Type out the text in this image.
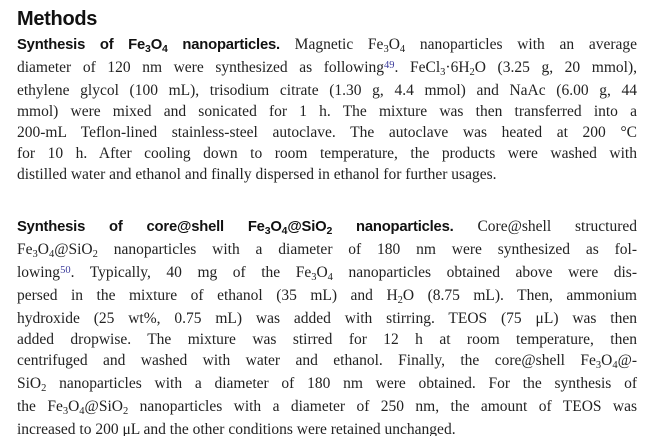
Methods
Synthesis of Fe3O4 nanoparticles. Magnetic Fe3O4 nanoparticles with an average
diameter of 120 nm were synthesized as following$^{49}$. FeCl3·6H2O (3.25 g, 20 mmol),
ethylene glycol (100 mL), trisodium citrate (1.30 g, 4.4 mmol) and NaAc (6.00 g, 44
mmol) were mixed and sonicated for 1 h. The mixture was then transferred into a
200-mL Teflon-lined stainless-steel autoclave. The autoclave was heated at 200 °C
for 10 h. After cooling down to room temperature, the products were washed with
distilled water and ethanol and finally dispersed in ethanol for further usages.
Synthesis of core@shell Fe3O4@SiO2 nanoparticles. Core@shell structured
Fe3O4@SiO2 nanoparticles with a diameter of 180 nm were synthesized as fol-
lowing$^{50}$. Typically, 40 mg of the Fe3O4 nanoparticles obtained above were dis-
persed in the mixture of ethanol (35 mL) and H2O (8.75 mL). Then, ammonium
hydroxide (25 wt%, 0.75 mL) was added with stirring. TEOS (75 μL) was then
added dropwise. The mixture was stirred for 12 h at room temperature, then
centrifuged and washed with water and ethanol. Finally, the core@shell Fe3O4@-
SiO2 nanoparticles with a diameter of 180 nm were obtained. For the synthesis of
the Fe3O4@SiO2 nanoparticles with a diameter of 250 nm, the amount of TEOS was
increased to 200 μL and the other conditions were retained unchanged.
